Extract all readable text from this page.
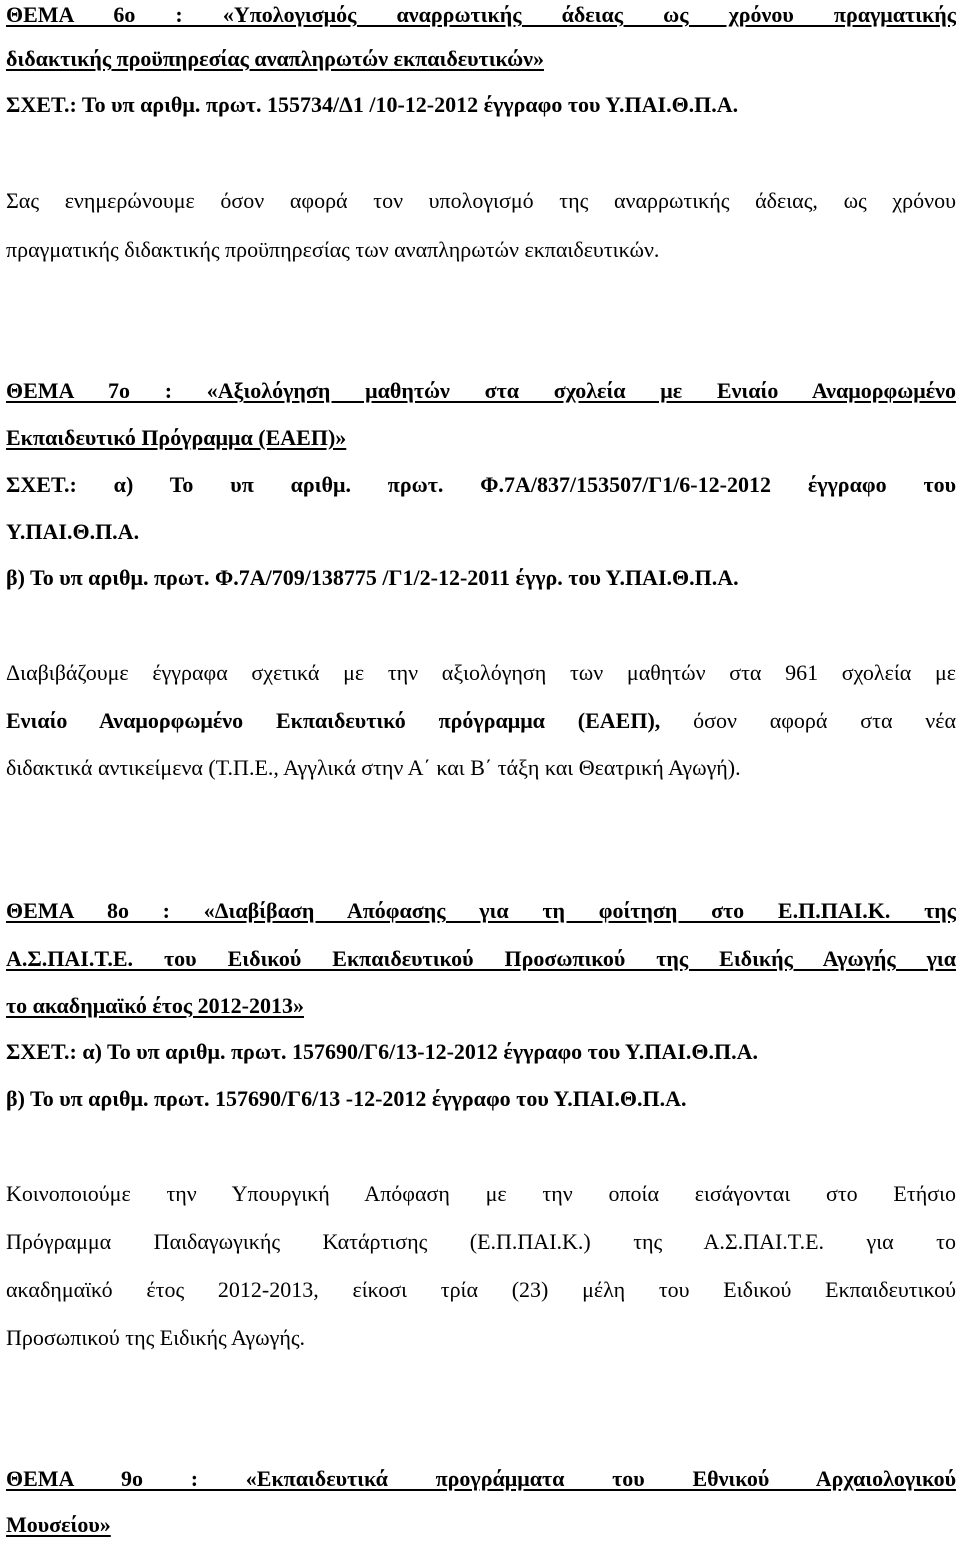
ΘΕΜΑ 6ο : «Υπολογισμός αναρρωτικής άδειας ως χρόνου πραγματικής
διδακτικής προϋπηρεσίας αναπληρωτών εκπαιδευτικών»
ΣΧΕΤ.: Το υπ αριθμ. πρωτ. 155734/Δ1 /10-12-2012 έγγραφο του Υ.ΠΑΙ.Θ.Π.Α.
Σας ενημερώνουμε όσον αφορά τον υπολογισμό της αναρρωτικής άδειας, ως χρόνου
πραγματικής διδακτικής προϋπηρεσίας των αναπληρωτών εκπαιδευτικών.
ΘΕΜΑ 7ο : «Αξιολόγηση μαθητών στα σχολεία με Ενιαίο Αναμορφωμένο
Εκπαιδευτικό Πρόγραμμα (ΕΑΕΠ)»
ΣΧΕΤ.: α) Το υπ αριθμ. πρωτ. Φ.7Α/837/153507/Γ1/6-12-2012 έγγραφο του
Υ.ΠΑΙ.Θ.Π.Α.
β) Το υπ αριθμ. πρωτ. Φ.7Α/709/138775 /Γ1/2-12-2011 έγγρ. του Υ.ΠΑΙ.Θ.Π.Α.
Διαβιβάζουμε έγγραφα σχετικά με την αξιολόγηση των μαθητών στα 961 σχολεία με
Ενιαίο Αναμορφωμένο Εκπαιδευτικό πρόγραμμα (ΕΑΕΠ), όσον αφορά στα νέα
διδακτικά αντικείμενα (Τ.Π.Ε., Αγγλικά στην Α΄ και Β΄ τάξη και Θεατρική Αγωγή).
ΘΕΜΑ 8ο : «Διαβίβαση Απόφασης για τη φοίτηση στο Ε.Π.ΠΑΙ.Κ. της
Α.Σ.ΠΑΙ.Τ.Ε. του Ειδικού Εκπαιδευτικού Προσωπικού της Ειδικής Αγωγής για
το ακαδημαϊκό έτος 2012-2013»
ΣΧΕΤ.: α) Το υπ αριθμ. πρωτ. 157690/Γ6/13-12-2012 έγγραφο του Υ.ΠΑΙ.Θ.Π.Α.
β) Το υπ αριθμ. πρωτ. 157690/Γ6/13 -12-2012 έγγραφο του Υ.ΠΑΙ.Θ.Π.Α.
Κοινοποιούμε την Υπουργική Απόφαση με την οποία εισάγονται στο Ετήσιο
Πρόγραμμα Παιδαγωγικής Κατάρτισης (Ε.Π.ΠΑΙ.Κ.) της Α.Σ.ΠΑΙ.Τ.Ε. για το
ακαδημαϊκό έτος 2012-2013, είκοσι τρία (23) μέλη του Ειδικού Εκπαιδευτικού
Προσωπικού της Ειδικής Αγωγής.
ΘΕΜΑ 9ο : «Εκπαιδευτικά προγράμματα του Εθνικού Αρχαιολογικού
Μουσείου»
